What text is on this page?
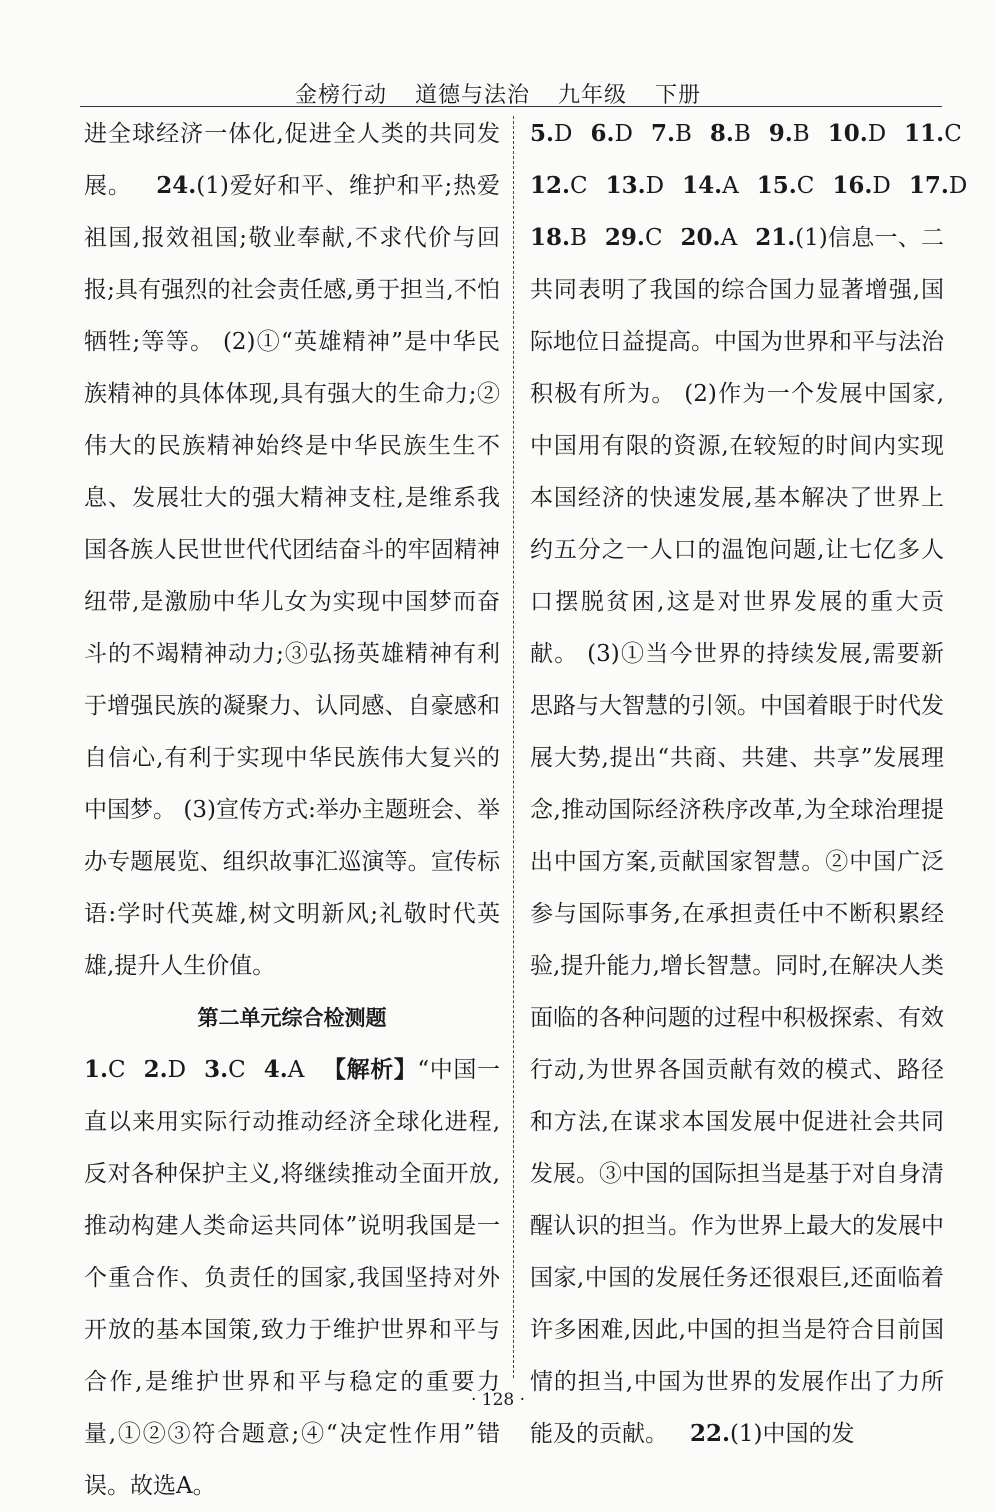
金榜行动 道德与法治 九年级 下册

进全球经济一体化,促进全人类的共同发展。 24.(1)爱好和平、维护和平;热爱祖国,报效祖国;敬业奉献,不求代价与回报;具有强烈的社会责任感,勇于担当,不怕牺牲;等等。 (2)①“英雄精神”是中华民族精神的具体体现,具有强大的生命力;②伟大的民族精神始终是中华民族生生不息、发展壮大的强大精神支柱,是维系我国各族人民世世代代团结奋斗的牢固精神纽带,是激励中华儿女为实现中国梦而奋斗的不竭精神动力;③弘扬英雄精神有利于增强民族的凝聚力、认同感、自豪感和自信心,有利于实现中华民族伟大复兴的中国梦。 (3)宣传方式:举办主题班会、举办专题展览、组织故事汇巡演等。宣传标语:学时代英雄,树文明新风;礼敬时代英雄,提升人生价值。

第二单元综合检测题

1.C 2.D 3.C 4.A 【解析】“中国一直以来用实际行动推动经济全球化进程,反对各种保护主义,将继续推动全面开放,推动构建人类命运共同体”说明我国是一个重合作、负责任的国家,我国坚持对外开放的基本国策,致力于维护世界和平与合作,是维护世界和平与稳定的重要力量,①②③符合题意;④“决定性作用”错误。故选A。

5.D 6.D 7.B 8.B 9.B 10.D 11.C

12.C 13.D 14.A 15.C 16.D 17.D

18.B 29.C 20.A 21.(1)信息一、二共同表明了我国的综合国力显著增强,国际地位日益提高。中国为世界和平与法治积极有所为。 (2)作为一个发展中国家,中国用有限的资源,在较短的时间内实现本国经济的快速发展,基本解决了世界上约五分之一人口的温饱问题,让七亿多人口摆脱贫困,这是对世界发展的重大贡献。 (3)①当今世界的持续发展,需要新思路与大智慧的引领。中国着眼于时代发展大势,提出“共商、共建、共享”发展理念,推动国际经济秩序改革,为全球治理提出中国方案,贡献国家智慧。②中国广泛参与国际事务,在承担责任中不断积累经验,提升能力,增长智慧。同时,在解决人类面临的各种问题的过程中积极探索、有效行动,为世界各国贡献有效的模式、路径和方法,在谋求本国发展中促进社会共同发展。③中国的国际担当是基于对自身清醒认识的担当。作为世界上最大的发展中国家,中国的发展任务还很艰巨,还面临着许多困难,因此,中国的担当是符合目前国情的担当,中国为世界的发展作出了力所能及的贡献。 22.(1)中国的发

· 128 ·
